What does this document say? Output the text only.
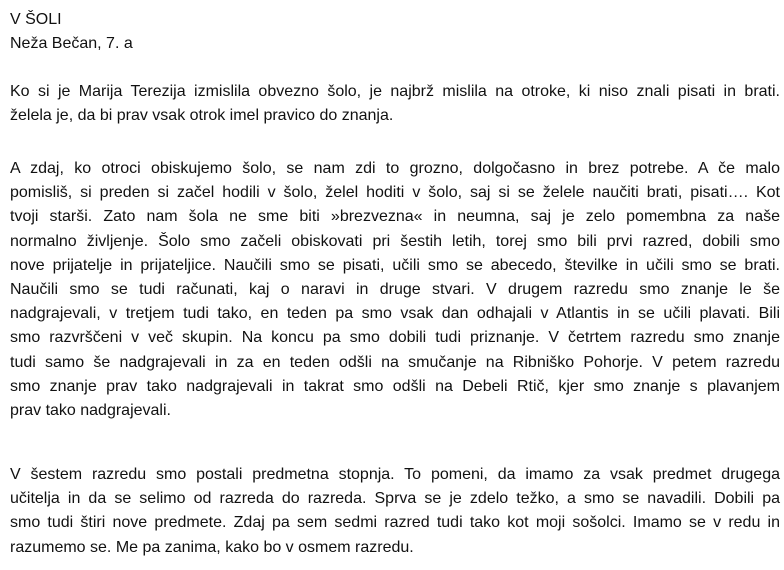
V ŠOLI
Neža Bečan, 7. a
Ko si je Marija Terezija izmislila obvezno šolo, je najbrž mislila na otroke, ki niso znali pisati in brati.
želela je, da bi prav vsak otrok imel pravico do znanja.
A zdaj, ko otroci obiskujemo šolo, se nam zdi to grozno, dolgočasno in brez potrebe. A če malo
pomisliš, si preden si začel hodili v šolo, želel hoditi v šolo, saj si se želele naučiti brati, pisati…. Kot
tvoji starši. Zato nam šola ne sme biti »brezvezna« in neumna, saj je zelo pomembna za naše
normalno življenje. Šolo smo začeli obiskovati pri šestih letih, torej smo bili prvi razred, dobili smo
nove prijatelje in prijateljice. Naučili smo se pisati, učili smo se abecedo, številke in učili smo se brati.
Naučili smo se tudi računati, kaj o naravi in druge stvari. V drugem razredu smo znanje le še
nadgrajevali, v tretjem tudi tako, en teden pa smo vsak dan odhajali v Atlantis in se učili plavati. Bili
smo razvrščeni v več skupin. Na koncu pa smo dobili tudi priznanje. V četrtem razredu smo znanje
tudi samo še nadgrajevali in za en teden odšli na smučanje na Ribniško Pohorje. V petem razredu
smo znanje prav tako nadgrajevali in takrat smo odšli na Debeli Rtič, kjer smo znanje s plavanjem
prav tako nadgrajevali.
V šestem razredu smo postali predmetna stopnja. To pomeni, da imamo za vsak predmet drugega
učitelja in da se selimo od razreda do razreda. Sprva se je zdelo težko, a smo se navadili. Dobili pa
smo tudi štiri nove predmete. Zdaj pa sem sedmi razred tudi tako kot moji sošolci. Imamo se v redu in
razumemo se. Me pa zanima, kako bo v osmem razredu.
